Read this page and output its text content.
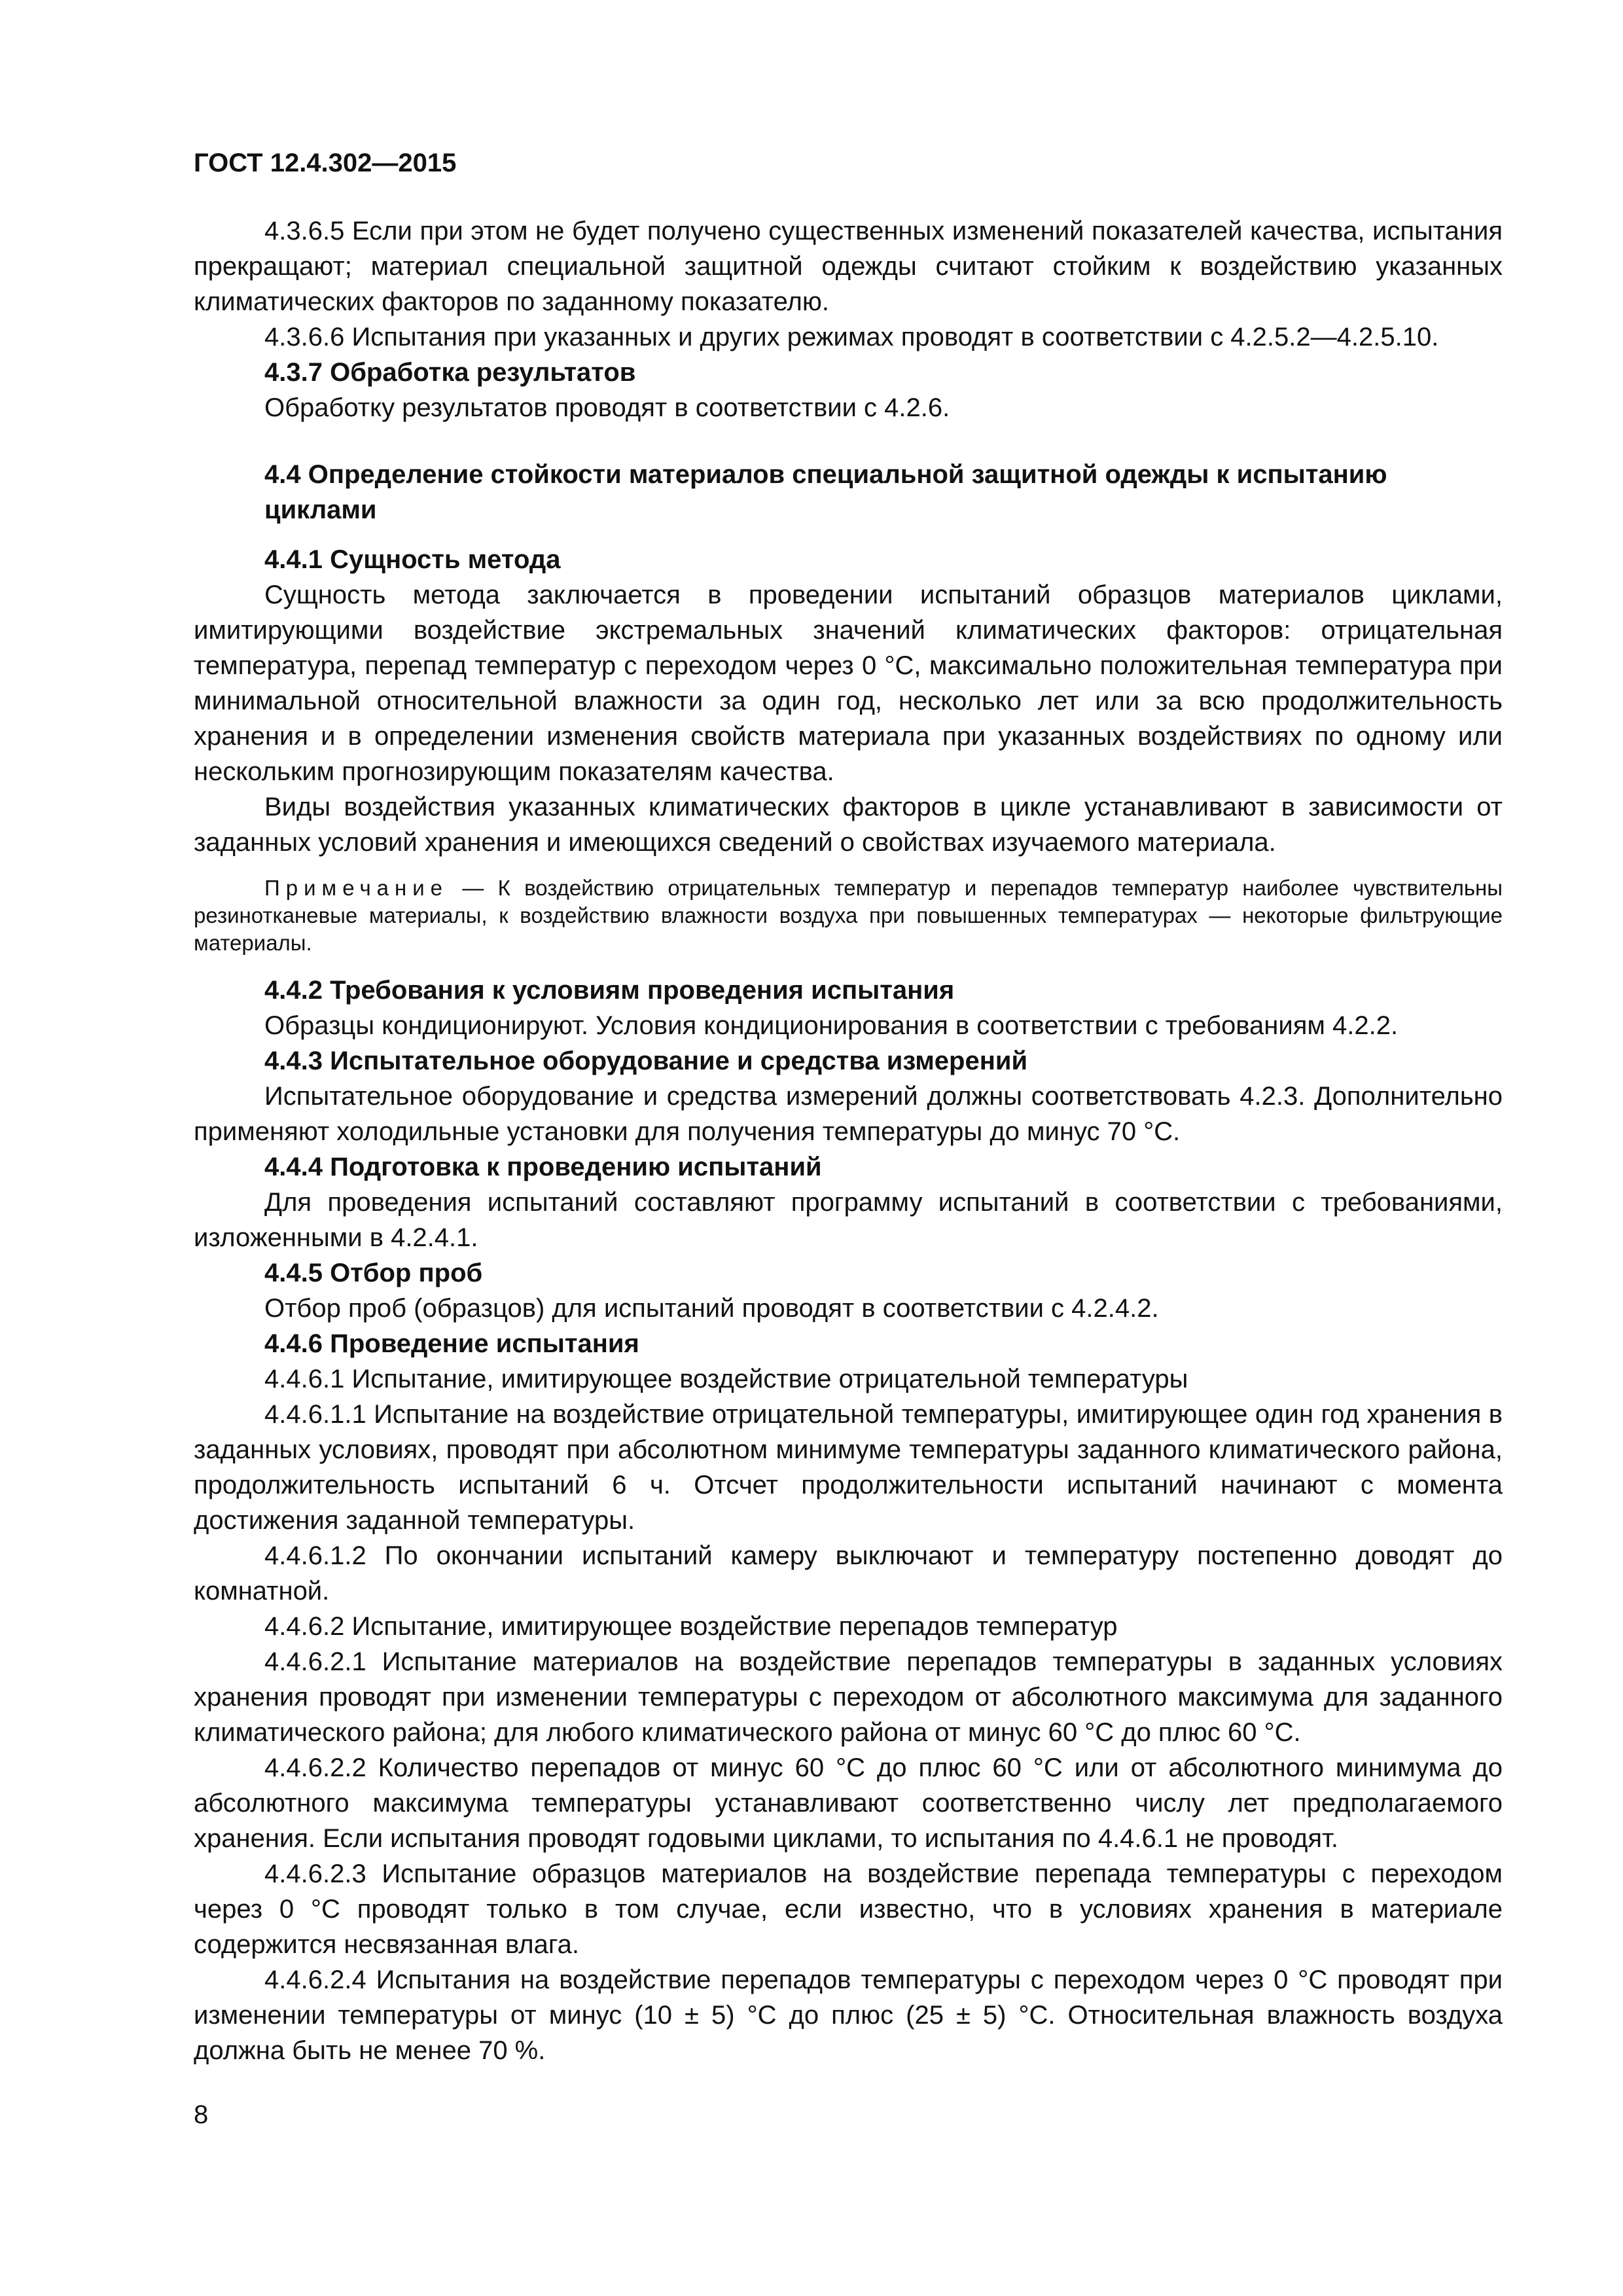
ГОСТ 12.4.302—2015

4.3.6.5 Если при этом не будет получено существенных изменений показателей качества, испытания прекращают; материал специальной защитной одежды считают стойким к воздействию указанных климатических факторов по заданному показателю.

4.3.6.6 Испытания при указанных и других режимах проводят в соответствии с 4.2.5.2—4.2.5.10.

4.3.7 Обработка результатов

Обработку результатов проводят в соответствии с 4.2.6.

4.4 Определение стойкости материалов специальной защитной одежды к испытанию циклами

4.4.1 Сущность метода

Сущность метода заключается в проведении испытаний образцов материалов циклами, имитирующими воздействие экстремальных значений климатических факторов: отрицательная температура, перепад температур с переходом через 0 °С, максимально положительная температура при минимальной относительной влажности за один год, несколько лет или за всю продолжительность хранения и в определении изменения свойств материала при указанных воздействиях по одному или нескольким прогнозирующим показателям качества.

Виды воздействия указанных климатических факторов в цикле устанавливают в зависимости от заданных условий хранения и имеющихся сведений о свойствах изучаемого материала.

Примечание — К воздействию отрицательных температур и перепадов температур наиболее чувствительны резинотканевые материалы, к воздействию влажности воздуха при повышенных температурах — некоторые фильтрующие материалы.

4.4.2 Требования к условиям проведения испытания

Образцы кондиционируют. Условия кондиционирования в соответствии с требованиям 4.2.2.

4.4.3 Испытательное оборудование и средства измерений

Испытательное оборудование и средства измерений должны соответствовать 4.2.3. Дополнительно применяют холодильные установки для получения температуры до минус 70 °С.

4.4.4 Подготовка к проведению испытаний

Для проведения испытаний составляют программу испытаний в соответствии с требованиями, изложенными в 4.2.4.1.

4.4.5 Отбор проб

Отбор проб (образцов) для испытаний проводят в соответствии с 4.2.4.2.

4.4.6 Проведение испытания

4.4.6.1 Испытание, имитирующее воздействие отрицательной температуры

4.4.6.1.1 Испытание на воздействие отрицательной температуры, имитирующее один год хранения в заданных условиях, проводят при абсолютном минимуме температуры заданного климатического района, продолжительность испытаний 6 ч. Отсчет продолжительности испытаний начинают с момента достижения заданной температуры.

4.4.6.1.2 По окончании испытаний камеру выключают и температуру постепенно доводят до комнатной.

4.4.6.2 Испытание, имитирующее воздействие перепадов температур

4.4.6.2.1 Испытание материалов на воздействие перепадов температуры в заданных условиях хранения проводят при изменении температуры с переходом от абсолютного максимума для заданного климатического района; для любого климатического района от минус 60 °С до плюс 60 °С.

4.4.6.2.2 Количество перепадов от минус 60 °С до плюс 60 °С или от абсолютного минимума до абсолютного максимума температуры устанавливают соответственно числу лет предполагаемого хранения. Если испытания проводят годовыми циклами, то испытания по 4.4.6.1 не проводят.

4.4.6.2.3 Испытание образцов материалов на воздействие перепада температуры с переходом через 0 °С проводят только в том случае, если известно, что в условиях хранения в материале содержится несвязанная влага.

4.4.6.2.4 Испытания на воздействие перепадов температуры с переходом через 0 °С проводят при изменении температуры от минус (10 ± 5) °С до плюс (25 ± 5) °С. Относительная влажность воздуха должна быть не менее 70 %.

8
